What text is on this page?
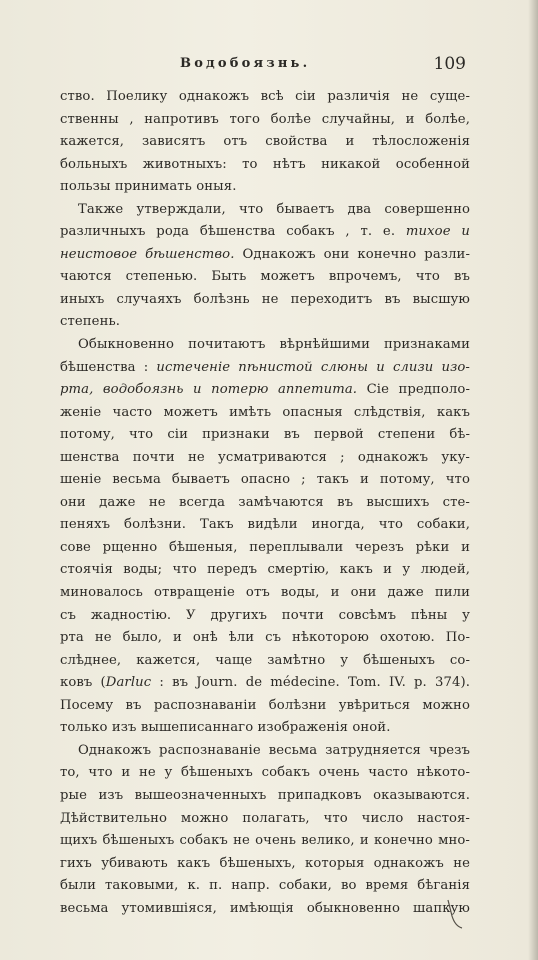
Водобоязнь.	109
ство. Поелику однакожъ всѣ сіи различія не суще-
ственны , напротивъ того болѣе случайны, и болѣе,
кажется, зависятъ отъ свойства и тѣлосложенія
больныхъ животныхъ: то нѣтъ никакой особенной
пользы принимать оныя.
Также утверждали, что бываетъ два совершенно
различныхъ рода бѣшенства собакъ , т. е. тихое и
неистовое бѣшенство. Однакожъ они конечно разли-
чаются степенью. Быть можетъ впрочемъ, что въ
иныхъ случаяхъ болѣзнь не переходитъ въ высшую
степень.
Обыкновенно почитаютъ вѣрнѣйшими признаками
бѣшенства : истеченіе пѣнистой слюны и слизи изо-
рта, водобоязнь и потерю аппетита. Сіе предполо-
женіе часто можетъ имѣть опасныя слѣдствія, какъ
потому, что сіи признаки въ первой степени бѣ-
шенства почти не усматриваются ; однакожъ уку-
шеніе весьма бываетъ опасно ; такъ и потому, что
они даже не всегда замѣчаются въ высшихъ сте-
пеняхъ болѣзни. Такъ видѣли иногда, что собаки,
сове рщенно бѣшеныя, переплывали черезъ рѣки и
стоячія воды; что передъ смертію, какъ и у людей,
миновалось отвращеніе отъ воды, и они даже пили
съ жадностію. У другихъ почти совсѣмъ пѣны у
рта не было, и онѣ ѣли съ нѣкоторою охотою. По-
слѣднее, кажется, чаще замѣтно у бѣшеныхъ со-
ковъ (Darluc : въ Journ. de médecine. Tom. IV. p. 374).
Посему въ распознаваніи болѣзни увѣриться можно
только изъ вышеписаннаго изображенія оной.
Однакожъ распознаваніе весьма затрудняется чрезъ
то, что и не у бѣшеныхъ собакъ очень часто нѣкото-
рые изъ вышеозначенныхъ припадковъ оказываются.
Дѣйствительно можно полагать, что число настоя-
щихъ бѣшеныхъ собакъ не очень велико, и конечно мно-
гихъ убивають какъ бѣшеныхъ, которыя однакожъ не
были таковыми, к. п. напр. собаки, во время бѣганія
весьма утомившіяся, имѣющія обыкновенно шапкую
